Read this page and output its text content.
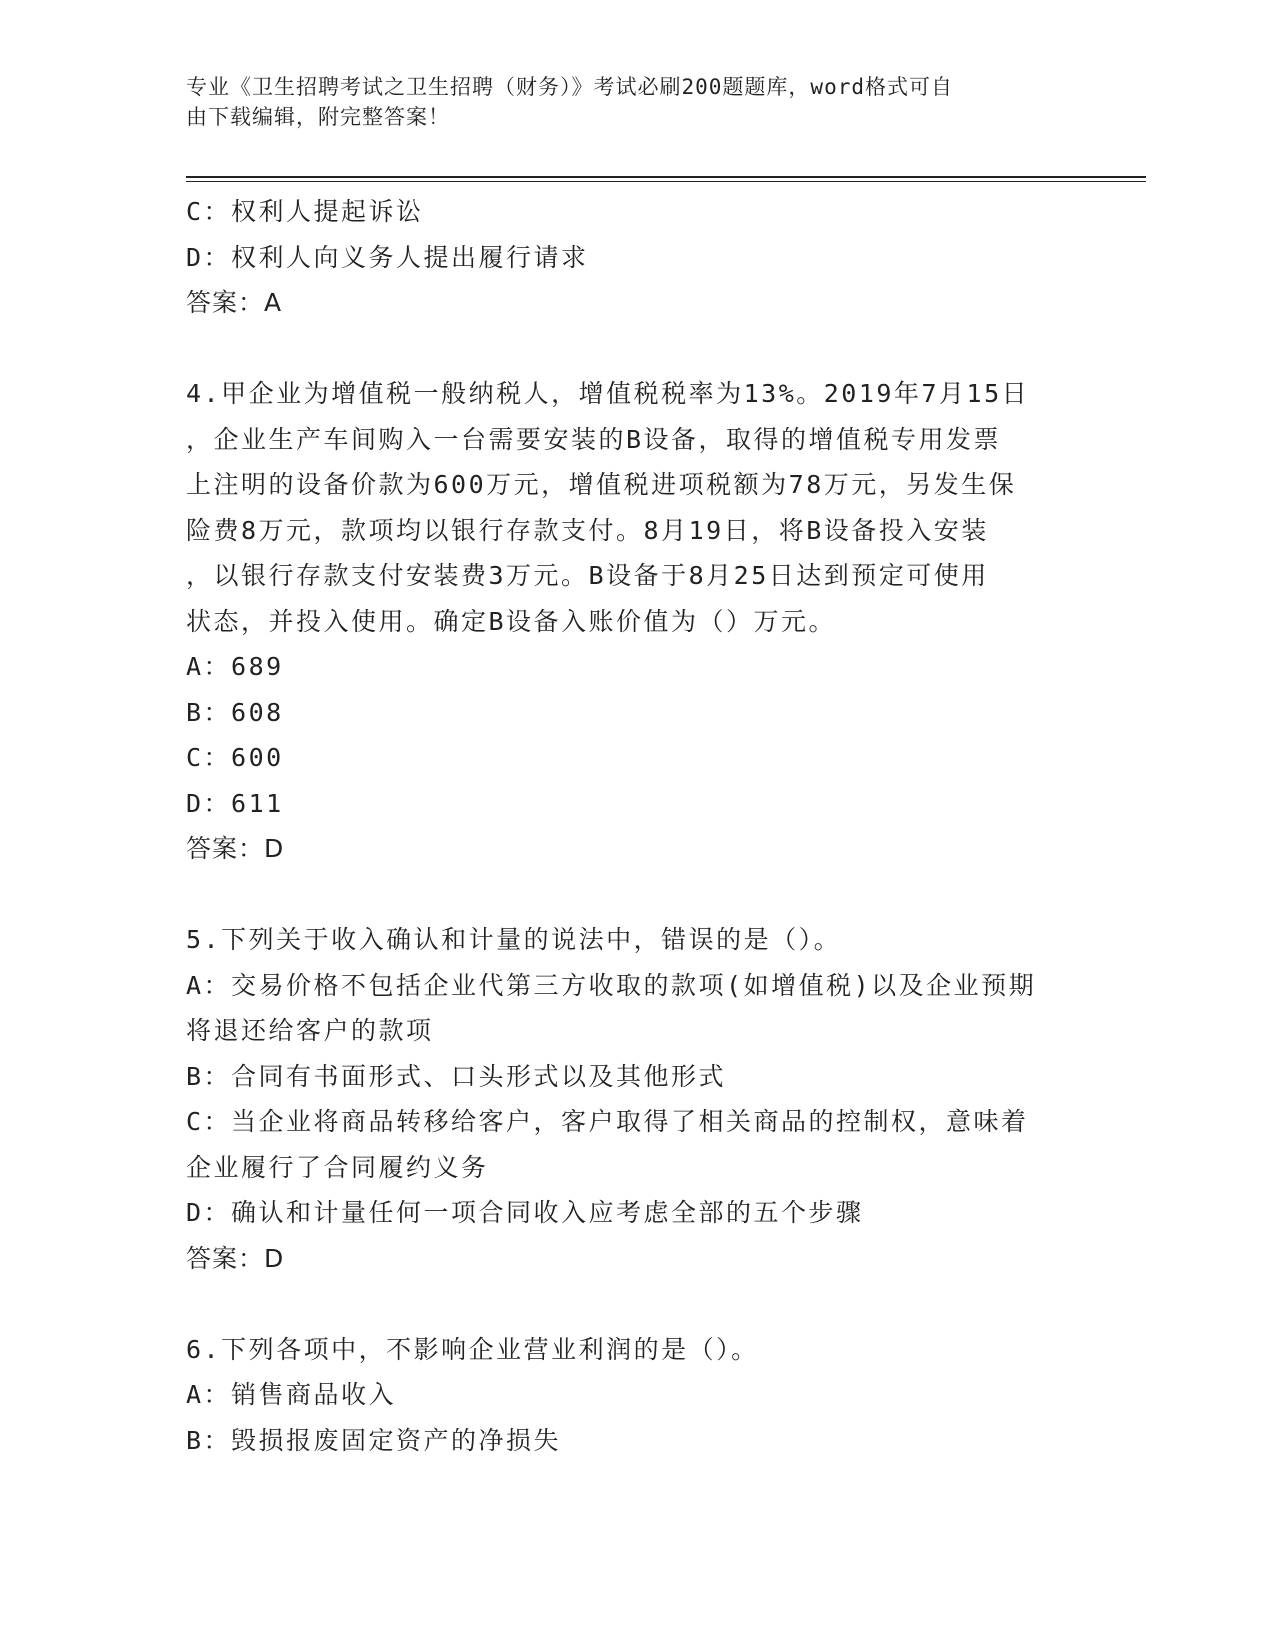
专业《卫生招聘考试之卫生招聘（财务）》考试必刷200题题库，word格式可自
由下载编辑，附完整答案！
C：权利人提起诉讼
D：权利人向义务人提出履行请求
答案：A
4.甲企业为增值税一般纳税人，增值税税率为13%。2019年7月15日
，企业生产车间购入一台需要安装的B设备，取得的增值税专用发票
上注明的设备价款为600万元，增值税进项税额为78万元，另发生保
险费8万元，款项均以银行存款支付。8月19日，将B设备投入安装
，以银行存款支付安装费3万元。B设备于8月25日达到预定可使用
状态，并投入使用。确定B设备入账价值为（）万元。
A：689
B：608
C：600
D：611
答案：D
5.下列关于收入确认和计量的说法中，错误的是（）。
A：交易价格不包括企业代第三方收取的款项(如增值税)以及企业预期
将退还给客户的款项
B：合同有书面形式、口头形式以及其他形式
C：当企业将商品转移给客户，客户取得了相关商品的控制权，意味着
企业履行了合同履约义务
D：确认和计量任何一项合同收入应考虑全部的五个步骤
答案：D
6.下列各项中，不影响企业营业利润的是（）。
A：销售商品收入
B：毁损报废固定资产的净损失
